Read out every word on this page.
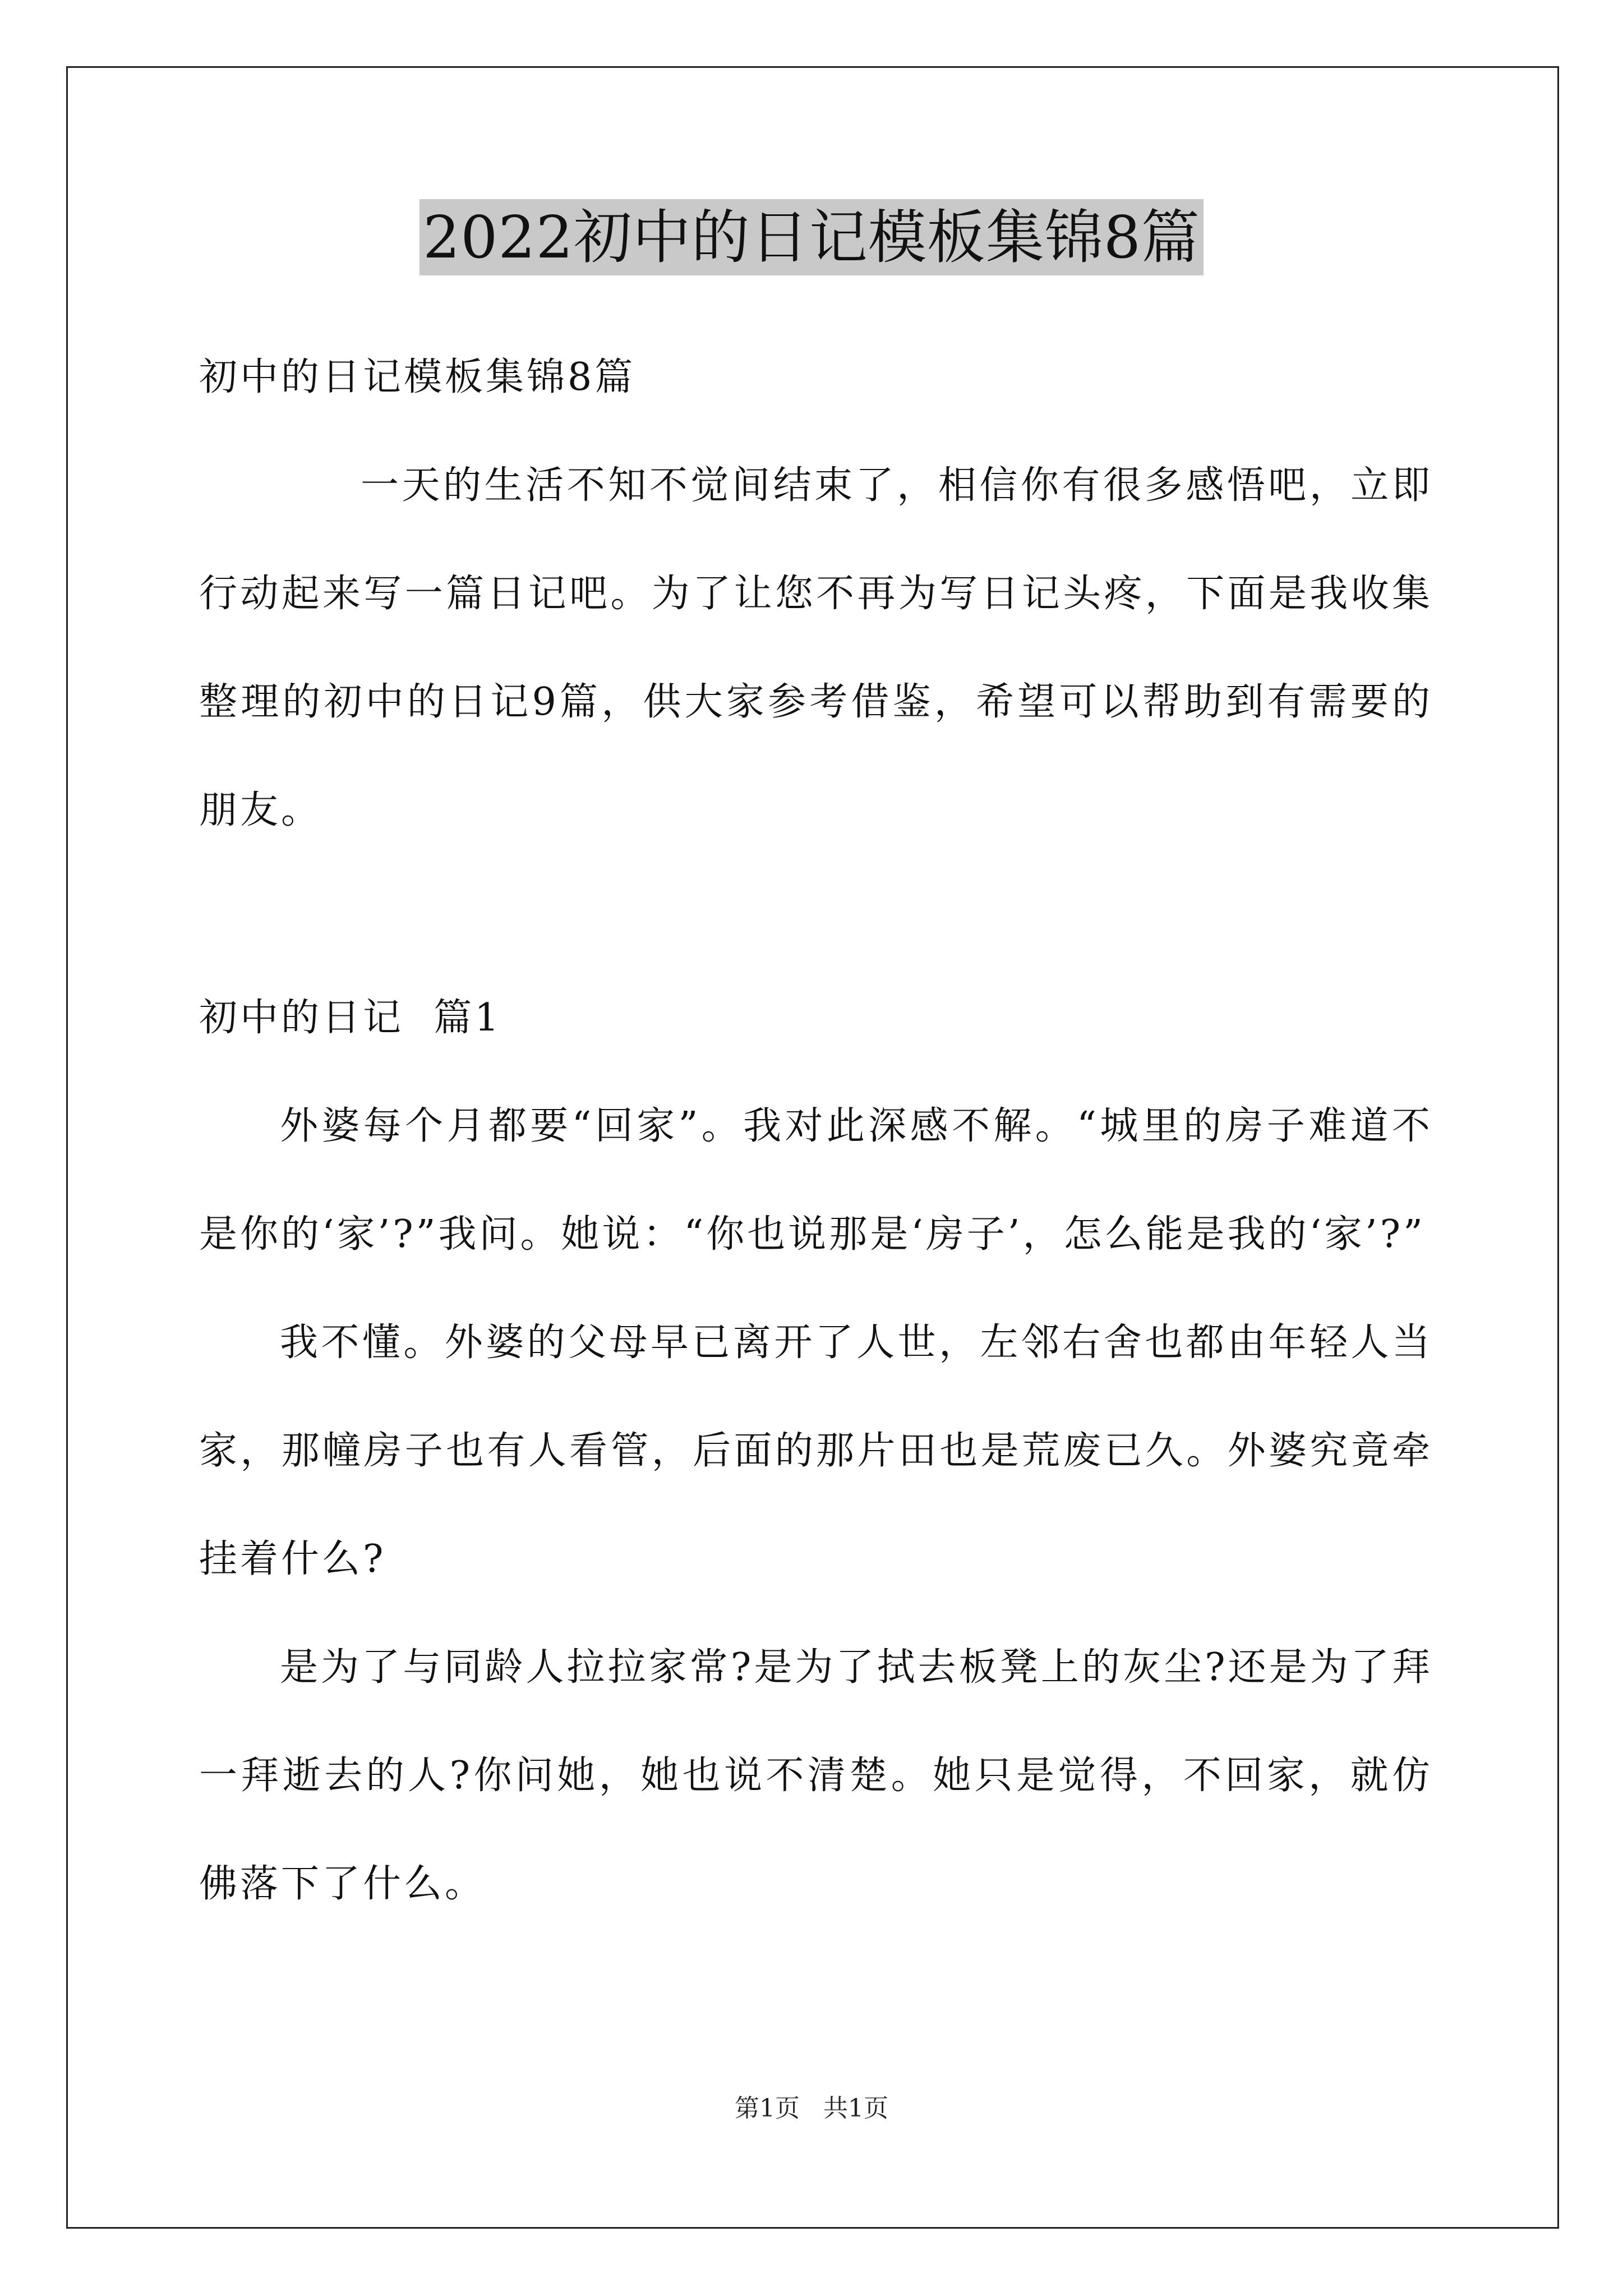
2022初中的日记模板集锦8篇
初中的日记模板集锦8篇
一天的生活不知不觉间结束了，相信你有很多感悟吧，立即行动起来写一篇日记吧。为了让您不再为写日记头疼，下面是我收集整理的初中的日记9篇，供大家参考借鉴，希望可以帮助到有需要的朋友。
初中的日记  篇1
外婆每个月都要“回家”。我对此深感不解。“城里的房子难道不是你的‘家’?”我问。她说：“你也说那是‘房子’，怎么能是我的‘家’?”
我不懂。外婆的父母早已离开了人世，左邻右舍也都由年轻人当家，那幢房子也有人看管，后面的那片田也是荒废已久。外婆究竟牵挂着什么?
是为了与同龄人拉拉家常?是为了拭去板凳上的灰尘?还是为了拜一拜逝去的人?你问她，她也说不清楚。她只是觉得，不回家，就仿佛落下了什么。
第1页 共1页
